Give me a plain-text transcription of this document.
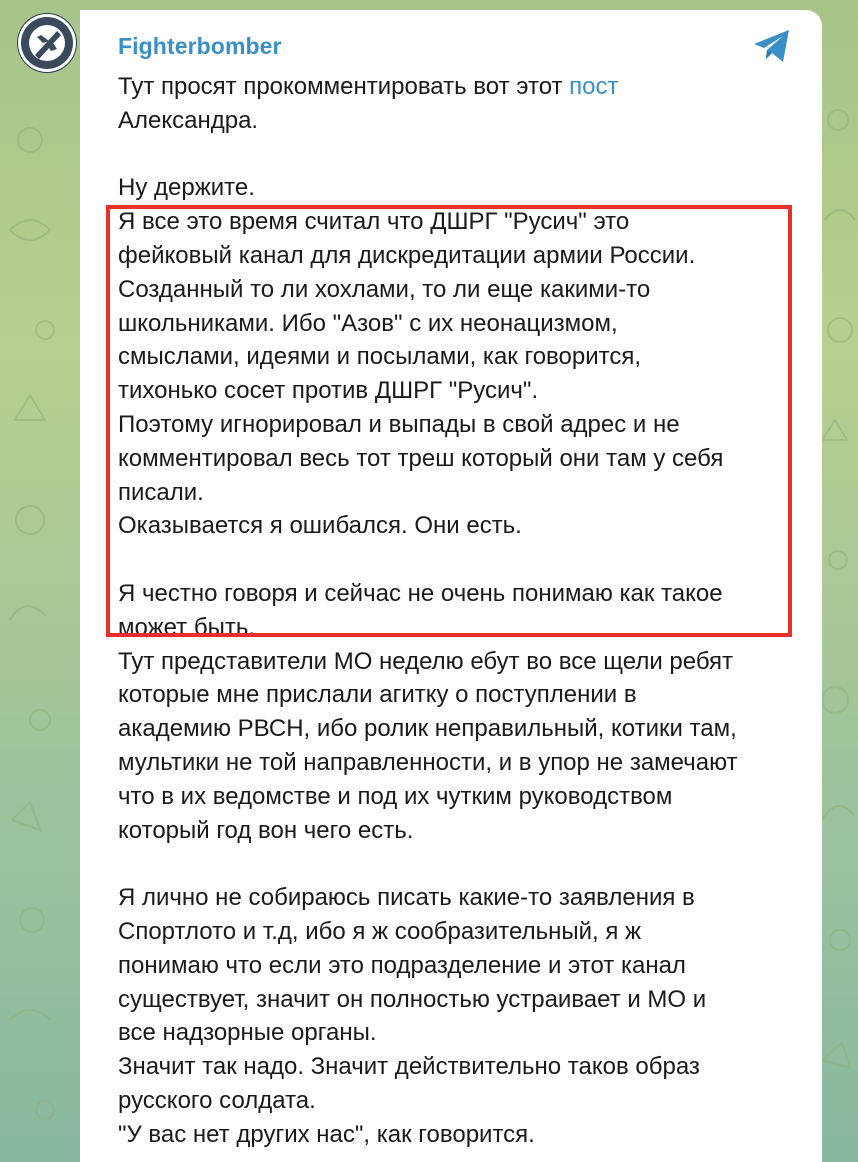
Fighterbomber
Тут просят прокомментировать вот этот пост
Александра.
Ну держите.
Я все это время считал что ДШРГ "Русич" это
фейковый канал для дискредитации армии России.
Созданный то ли хохлами, то ли еще какими-то
школьниками. Ибо "Азов" с их неонацизмом,
смыслами, идеями и посылами, как говорится,
тихонько сосет против ДШРГ "Русич".
Поэтому игнорировал и выпады в свой адрес и не
комментировал весь тот треш который они там у себя
писали.
Оказывается я ошибался. Они есть.
Я честно говоря и сейчас не очень понимаю как такое
может быть.
Тут представители МО неделю ебут во все щели ребят
которые мне прислали агитку о поступлении в
академию РВСН, ибо ролик неправильный, котики там,
мультики не той направленности, и в упор не замечают
что в их ведомстве и под их чутким руководством
который год вон чего есть.
Я лично не собираюсь писать какие-то заявления в
Спортлото и т.д, ибо я ж сообразительный, я ж
понимаю что если это подразделение и этот канал
существует, значит он полностью устраивает и МО и
все надзорные органы.
Значит так надо. Значит действительно таков образ
русского солдата.
"У вас нет других нас", как говорится.
